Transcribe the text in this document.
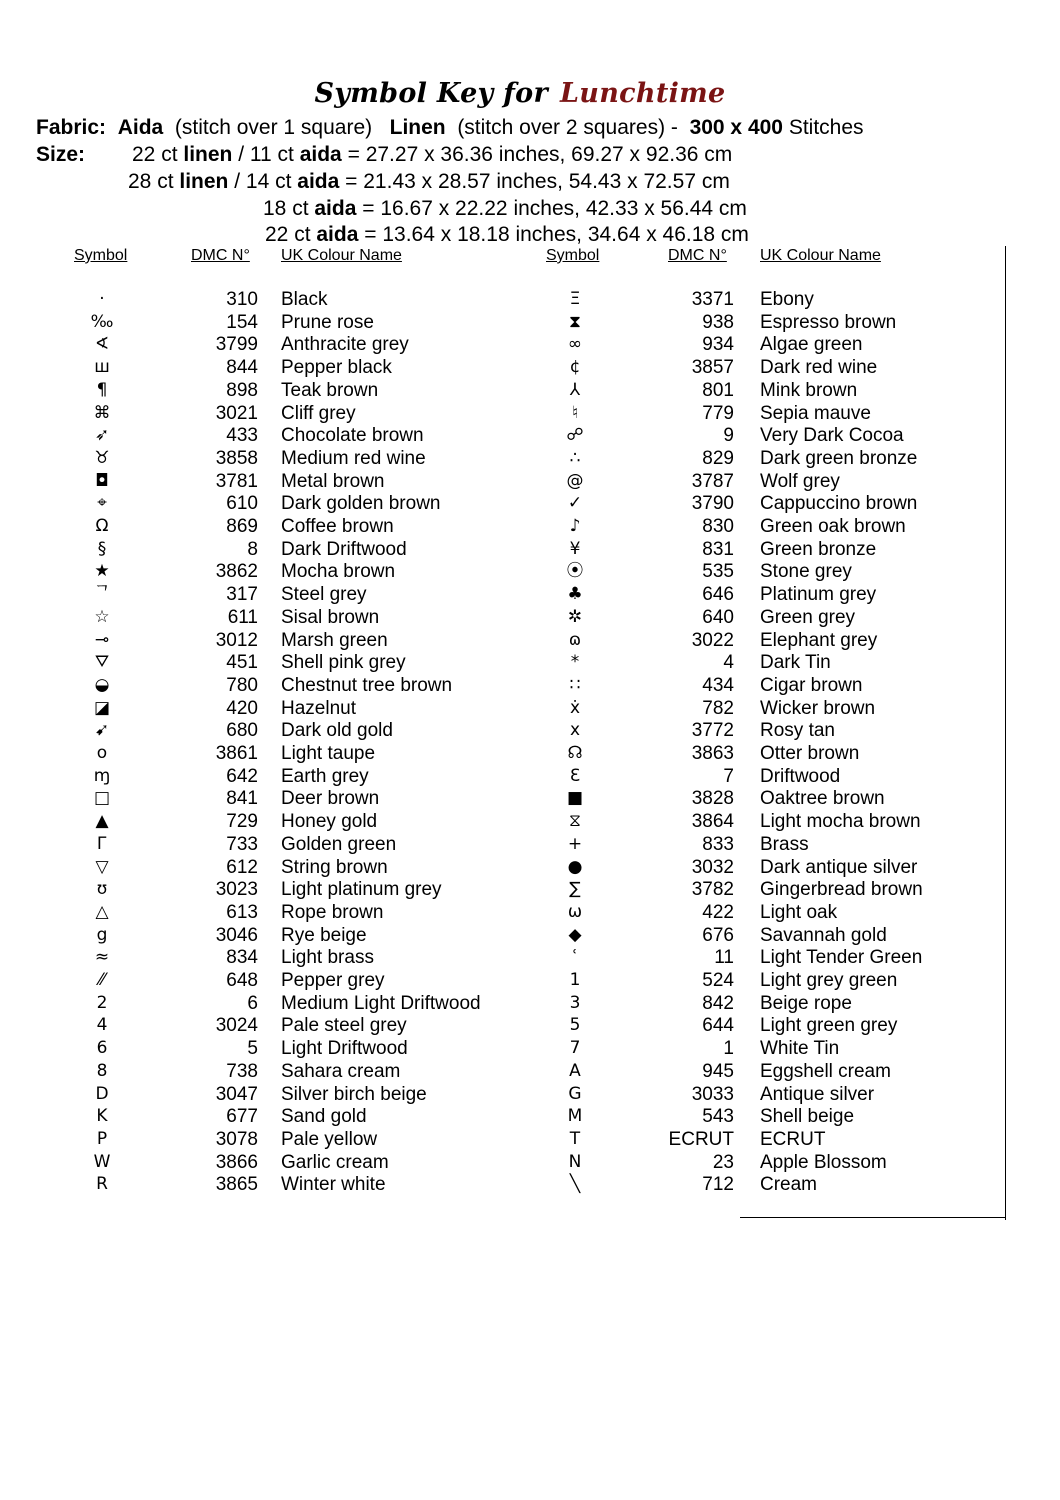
Symbol Key for Lunchtime
Fabric: Aida (stitch over 1 square) Linen (stitch over 2 squares) - 300 x 400 Stitches
Size: 22 ct linen / 11 ct aida = 27.27 x 36.36 inches, 69.27 x 92.36 cm
28 ct linen / 14 ct aida = 21.43 x 28.57 inches, 54.43 x 72.57 cm
18 ct aida = 16.67 x 22.22 inches, 42.33 x 56.44 cm
22 ct aida = 13.64 x 18.18 inches, 34.64 x 46.18 cm
Symbol	DMC N° UK Colour Name	Symbol	DMC N° UK Colour Name
·	310 Black
‰	154 Prune rose
∢	3799 Anthracite grey
ш	844 Pepper black
¶	898 Teak brown
⌘	3021 Cliff grey
➶	433 Chocolate brown
♉	3858 Medium red wine
◘	3781 Metal brown
⌖	610 Dark golden brown
Ω	869 Coffee brown
§	8 Dark Driftwood
★	3862 Mocha brown
ᄀ	317 Steel grey
☆	611 Sisal brown
⊸	3012 Marsh green
⛛	451 Shell pink grey
◒	780 Chestnut tree brown
◪	420 Hazelnut
➹	680 Dark old gold
o	3861 Light taupe
ɱ	642 Earth grey
□	841 Deer brown
▲	729 Honey gold
Г	733 Golden green
▽	612 String brown
ʊ	3023 Light platinum grey
△	613 Rope brown
g	3046 Rye beige
≈	834 Light brass
⁄⁄	648 Pepper grey
2	6 Medium Light Driftwood
4	3024 Pale steel grey
6	5 Light Driftwood
8	738 Sahara cream
D	3047 Silver birch beige
K	677 Sand gold
P	3078 Pale yellow
W	3866 Garlic cream
R	3865 Winter white
Ξ	3371 Ebony
⧗	938 Espresso brown
∞	934 Algae green
¢	3857 Dark red wine
⅄	801 Mink brown
♮	779 Sepia mauve
☍	9 Very Dark Cocoa
∴	829 Dark green bronze
@	3787 Wolf grey
✓	3790 Cappuccino brown
♪	830 Green oak brown
¥	831 Green bronze
⦿	535 Stone grey
♣	646 Platinum grey
✲	640 Green grey
ɷ	3022 Elephant grey
*	4 Dark Tin
∷	434 Cigar brown
ẋ	782 Wicker brown
x	3772 Rosy tan
☊	3863 Otter brown
Ɛ	7 Driftwood
■	3828 Oaktree brown
⧖	3864 Light mocha brown
+	833 Brass
●	3032 Dark antique silver
∑	3782 Gingerbread brown
ω	422 Light oak
◆	676 Savannah gold
ʿ	11 Light Tender Green
1	524 Light grey green
3	842 Beige rope
5	644 Light green grey
7	1 White Tin
A	945 Eggshell cream
G	3033 Antique silver
M	543 Shell beige
T	ECRUT ECRUT
N	23 Apple Blossom
╲	712 Cream
